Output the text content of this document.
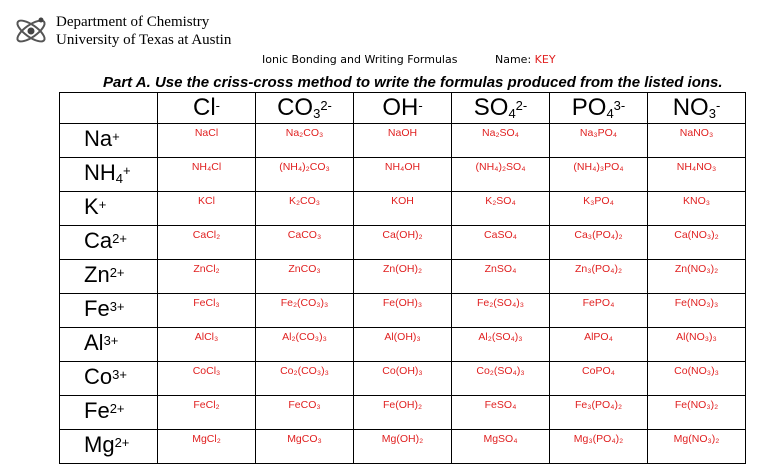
Department of Chemistry
University of Texas at Austin
Ionic Bonding and Writing Formulas	Name: KEY
Part A. Use the criss-cross method to write the formulas produced from the listed ions.
	Cl-	$CO_3^{2-}$	OH-	$SO_4^{2-}$	$PO_4^{3-}$	$NO_3^-$
Na+	NaCl	Na₂CO₃	NaOH	Na₂SO₄	Na₃PO₄	NaNO₃
$NH_4^+$	NH₄Cl	(NH₄)₂CO₃	NH₄OH	(NH₄)₂SO₄	(NH₄)₃PO₄	NH₄NO₃
K+	KCl	K₂CO₃	KOH	K₂SO₄	K₃PO₄	KNO₃
$Ca^{2+}$	CaCl₂	CaCO₃	Ca(OH)₂	CaSO₄	Ca₃(PO₄)₂	Ca(NO₃)₂
$Zn^{2+}$	ZnCl₂	ZnCO₃	Zn(OH)₂	ZnSO₄	Zn₃(PO₄)₂	Zn(NO₃)₂
$Fe^{3+}$	FeCl₃	Fe₂(CO₃)₃	Fe(OH)₃	Fe₂(SO₄)₃	FePO₄	Fe(NO₃)₃
$Al^{3+}$	AlCl₃	Al₂(CO₃)₃	Al(OH)₃	Al₂(SO₄)₃	AlPO₄	Al(NO₃)₃
$Co^{3+}$	CoCl₃	Co₂(CO₃)₃	Co(OH)₃	Co₂(SO₄)₃	CoPO₄	Co(NO₃)₃
$Fe^{2+}$	FeCl₂	FeCO₃	Fe(OH)₂	FeSO₄	Fe₃(PO₄)₂	Fe(NO₃)₂
$Mg^{2+}$	MgCl₂	MgCO₃	Mg(OH)₂	MgSO₄	Mg₃(PO₄)₂	Mg(NO₃)₂
